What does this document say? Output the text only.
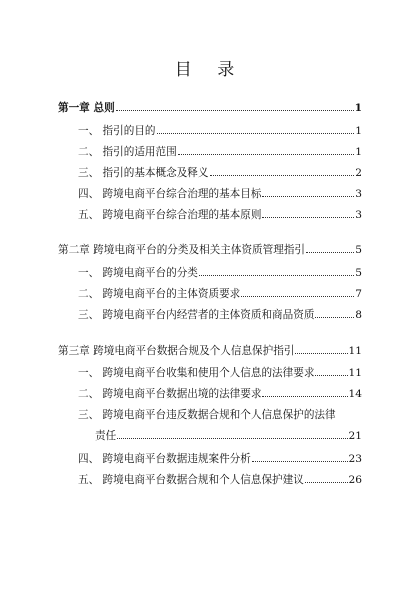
目 录
第一章 总则	1
一、 指引的目的	1
二、 指引的适用范围	1
三、 指引的基本概念及释义	2
四、 跨境电商平台综合治理的基本目标	3
五、 跨境电商平台综合治理的基本原则	3
第二章 跨境电商平台的分类及相关主体资质管理指引	5
一、 跨境电商平台的分类	5
二、 跨境电商平台的主体资质要求	7
三、 跨境电商平台内经营者的主体资质和商品资质	8
第三章 跨境电商平台数据合规及个人信息保护指引	11
一、 跨境电商平台收集和使用个人信息的法律要求	11
二、 跨境电商平台数据出境的法律要求	14
三、 跨境电商平台违反数据合规和个人信息保护的法律
责任	21
四、 跨境电商平台数据违规案件分析	23
五、 跨境电商平台数据合规和个人信息保护建议	26
